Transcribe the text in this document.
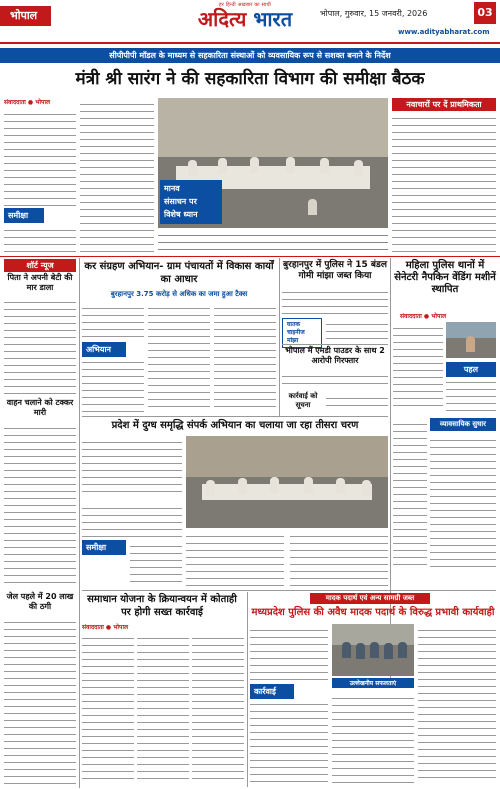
भोपाल
हर हिन्दी अखबार का साथी
अदित्य भारत	भोपाल, गुरुवार, 15 जनवरी, 2026	03
www.adityabharat.com
सीपीपीपी मॉडल के माध्यम से सहकारिता संस्थाओं को व्यवसायिक रूप से सशक्त बनाने के निर्देश
मंत्री श्री सारंग ने की सहकारिता विभाग की समीक्षा बैठक
संवाददाता ● भोपाल
समीक्षा
मानव
संसाधन पर
विशेष ध्यान
नवाचारों पर दें प्राथमिकता
शॉर्ट न्यूज
पिता ने अपनी बेटी की मार डाला
वाहन चलाने को टक्कर मारी
जेल पहले में 20 लाख की ठगी
कर संग्रहण अभियान- ग्राम पंचायतों में विकास कार्यों का आधार
बुरहानपुर 3.75 करोड़ से अधिक का जमा हुआ टैक्स
अभियान
बुरहानपुर में पुलिस ने 15 बंडल गोमी मांझा जब्त किया
घातक चाइनीज मांझा
भोपाल में एमडी पाउडर के साथ 2 आरोपी गिरफ्तार
कार्रवाई को सूचना
महिला पुलिस थानों में सेनेटरी नैपकिन वेंडिंग मशीनें स्थापित
संवाददाता ● भोपाल
पहल
व्यावसायिक सुधार
प्रदेश में दुग्ध समृद्धि संपर्क अभियान का चलाया जा रहा तीसरा चरण
समीक्षा
समाधान योजना के क्रियान्वयन में कोताही पर होगी सख्त कार्रवाई
संवाददाता ● भोपाल
मादक पदार्थ एवं अन्य सामग्री जब्त
मध्यप्रदेश पुलिस की अवैध मादक पदार्थ के विरुद्ध प्रभावी कार्यवाही
कार्रवाई
उल्लेखनीय सफलताएं
